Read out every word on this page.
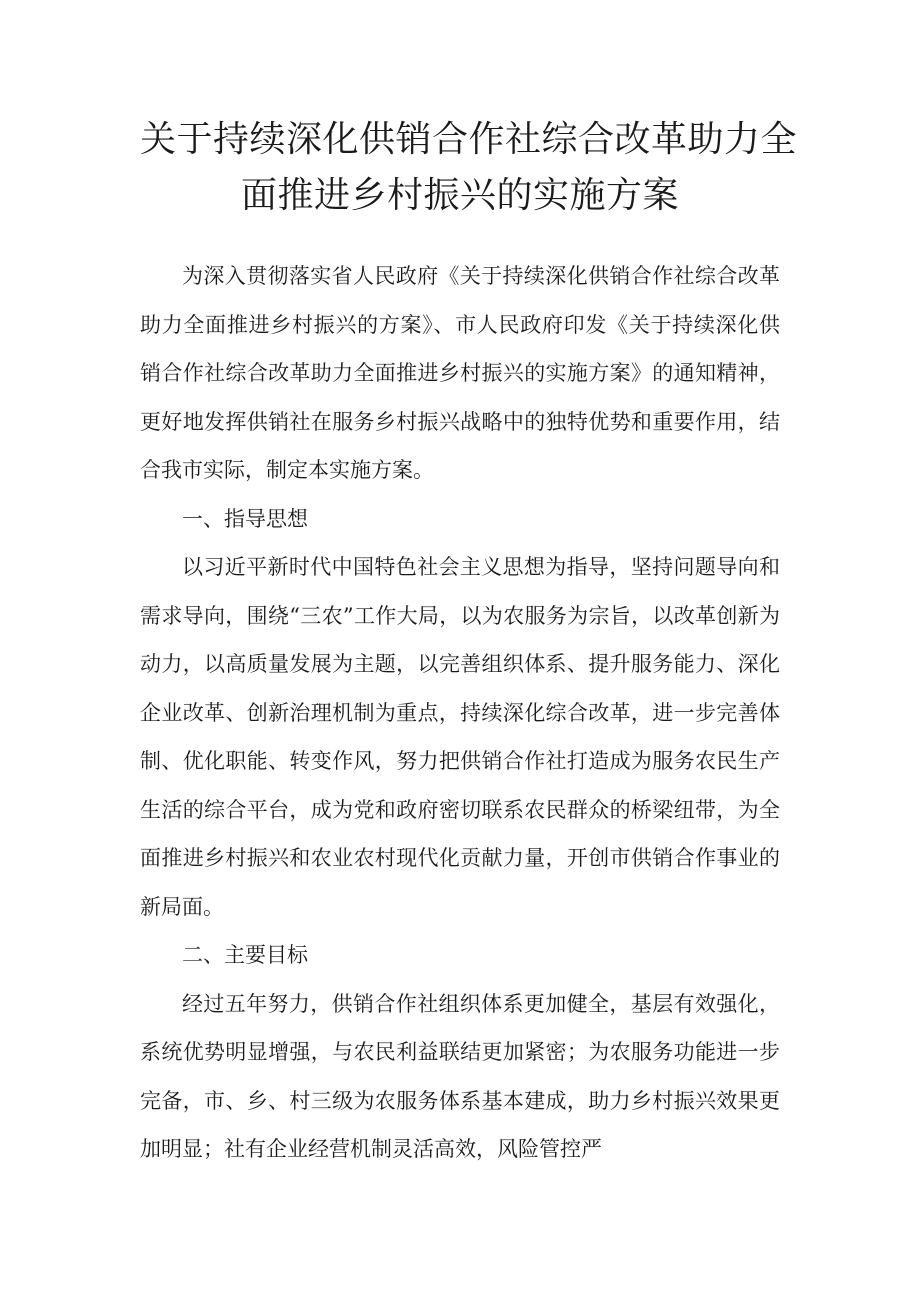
关于持续深化供销合作社综合改革助力全
面推进乡村振兴的实施方案

为深入贯彻落实省人民政府《关于持续深化供销合作社综合改革助力全面推进乡村振兴的方案》、市人民政府印发《关于持续深化供销合作社综合改革助力全面推进乡村振兴的实施方案》的通知精神，更好地发挥供销社在服务乡村振兴战略中的独特优势和重要作用，结合我市实际，制定本实施方案。

一、指导思想

以习近平新时代中国特色社会主义思想为指导，坚持问题导向和需求导向，围绕“三农”工作大局，以为农服务为宗旨，以改革创新为动力，以高质量发展为主题，以完善组织体系、提升服务能力、深化企业改革、创新治理机制为重点，持续深化综合改革，进一步完善体制、优化职能、转变作风，努力把供销合作社打造成为服务农民生产生活的综合平台，成为党和政府密切联系农民群众的桥梁纽带，为全面推进乡村振兴和农业农村现代化贡献力量，开创市供销合作事业的新局面。

二、主要目标

经过五年努力，供销合作社组织体系更加健全，基层有效强化，系统优势明显增强，与农民利益联结更加紧密；为农服务功能进一步完备，市、乡、村三级为农服务体系基本建成，助力乡村振兴效果更加明显；社有企业经营机制灵活高效，风险管控严
